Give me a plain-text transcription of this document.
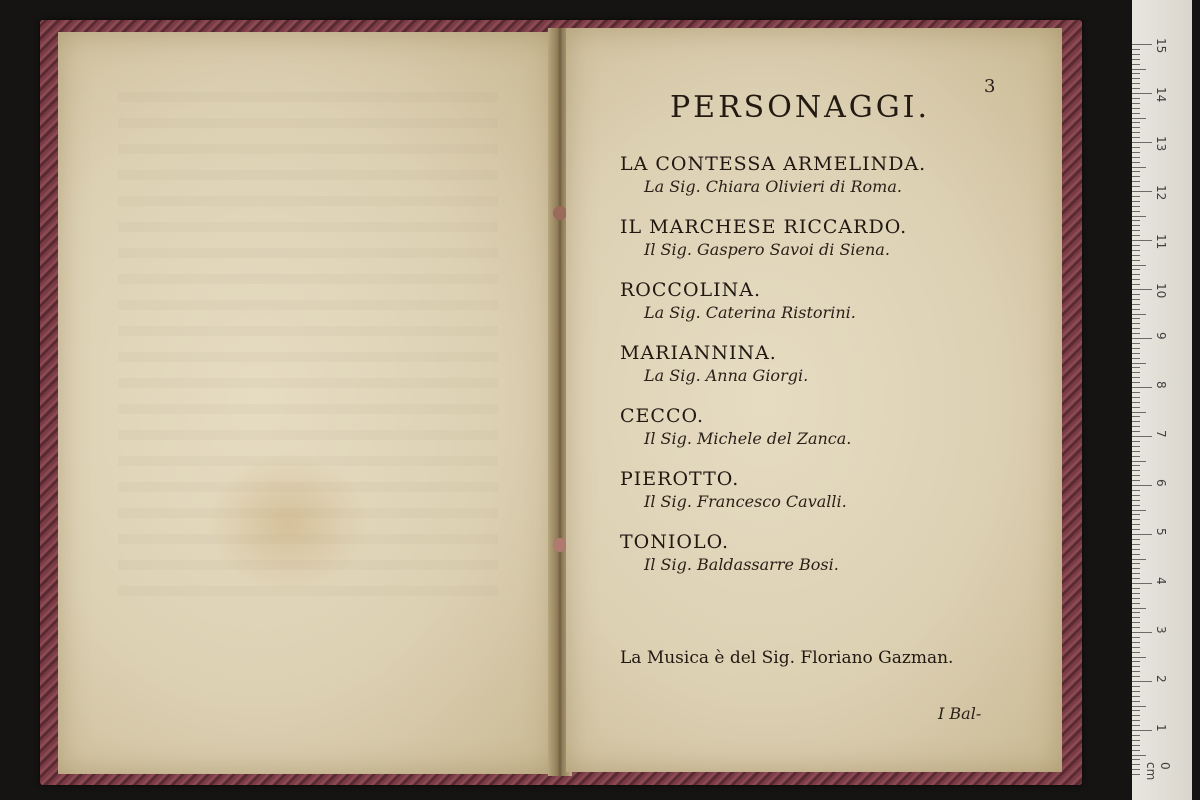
3
PERSONAGGI.
LA CONTESSA ARMELINDA.
La Sig. Chiara Olivieri di Roma.
IL MARCHESE RICCARDO.
Il Sig. Gaspero Savoi di Siena.
ROCCOLINA.
La Sig. Caterina Ristorini.
MARIANNINA.
La Sig. Anna Giorgi.
CECCO.
Il Sig. Michele del Zanca.
PIEROTTO.
Il Sig. Francesco Cavalli.
TONIOLO.
Il Sig. Baldassarre Bosi.
La Musica è del Sig. Floriano Gazman.
I Bal-
0 cm
15
14
13
12
11
10
9
8
7
6
5
4
3
2
1
